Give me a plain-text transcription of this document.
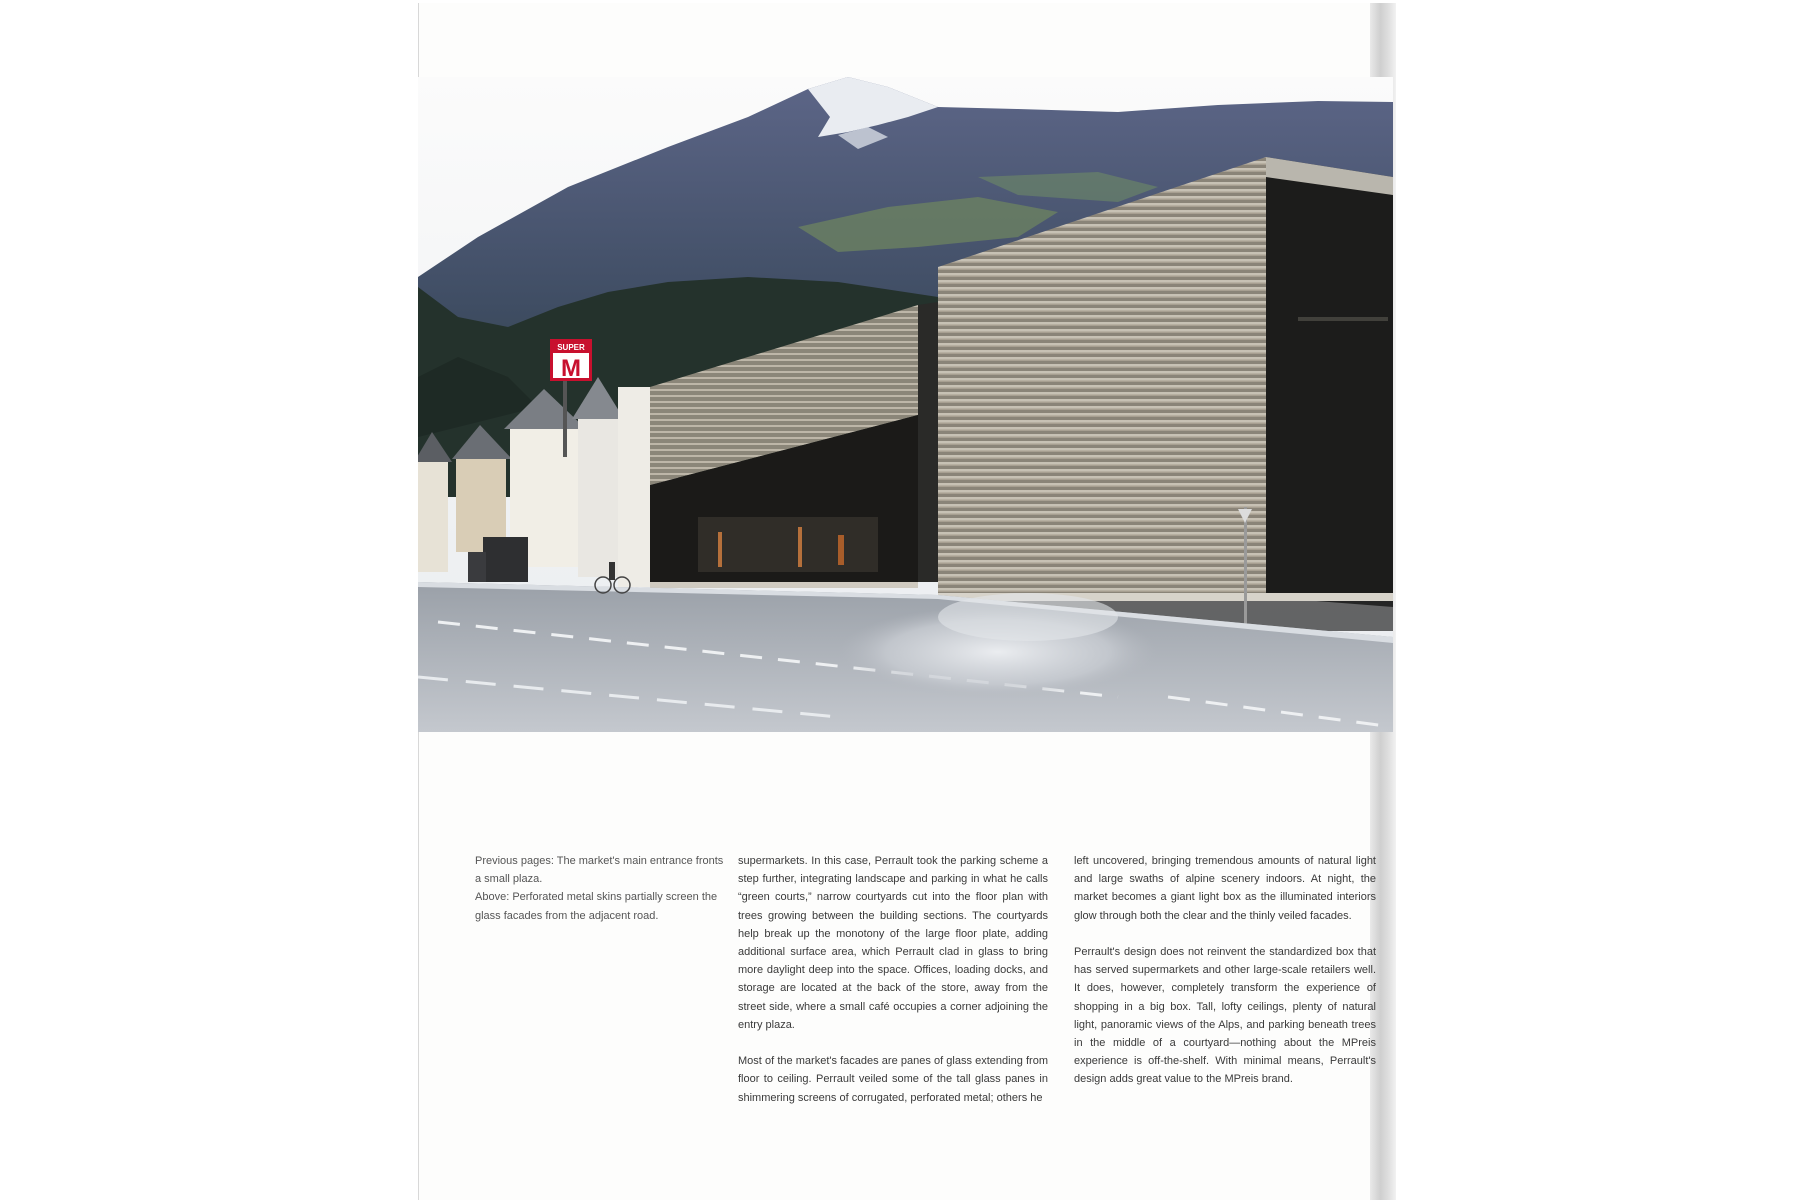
SUPER
M

Previous pages: The market's main entrance fronts a small plaza.

Above: Perforated metal skins partially screen the glass facades from the adjacent road.

supermarkets. In this case, Perrault took the parking scheme a step further, integrating landscape and parking in what he calls “green courts,” narrow courtyards cut into the floor plan with trees growing between the building sections. The courtyards help break up the monotony of the large floor plate, adding additional surface area, which Perrault clad in glass to bring more daylight deep into the space. Offices, loading docks, and storage are located at the back of the store, away from the street side, where a small café occupies a corner adjoining the entry plaza.

Most of the market's facades are panes of glass extending from floor to ceiling. Perrault veiled some of the tall glass panes in shimmering screens of corrugated, perforated metal; others he

left uncovered, bringing tremendous amounts of natural light and large swaths of alpine scenery indoors. At night, the market becomes a giant light box as the illuminated interiors glow through both the clear and the thinly veiled facades.

Perrault's design does not reinvent the standardized box that has served supermarkets and other large-scale retailers well. It does, however, completely transform the experience of shopping in a big box. Tall, lofty ceilings, plenty of natural light, panoramic views of the Alps, and parking beneath trees in the middle of a courtyard—nothing about the MPreis experience is off-the-shelf. With minimal means, Perrault's design adds great value to the MPreis brand.
